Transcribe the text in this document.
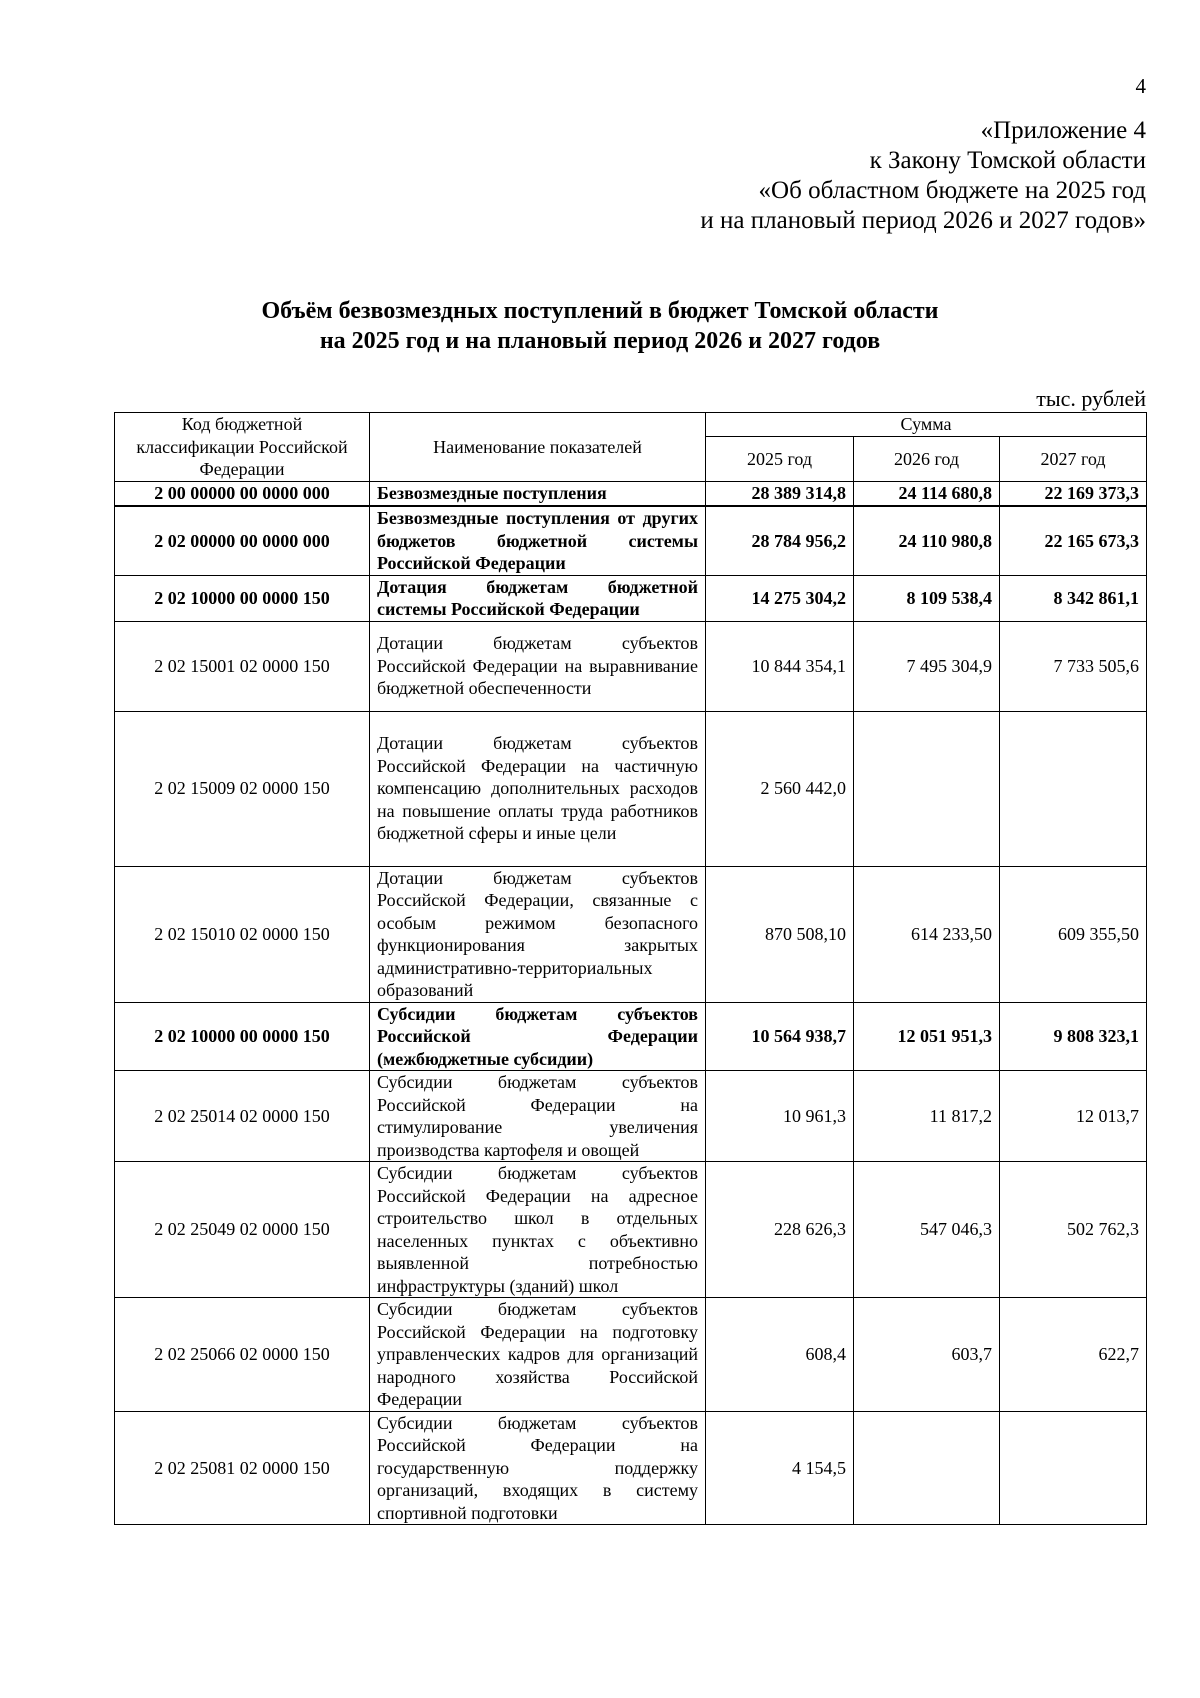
4
«Приложение 4
к Закону Томской области
«Об областном бюджете на 2025 год
и на плановый период 2026 и 2027 годов»
Объём безвозмездных поступлений в бюджет Томской области
на 2025 год и на плановый период 2026 и 2027 годов
тыс. рублей
Код бюджетной классификации Российской Федерации	Наименование показателей	Сумма		
		2025 год	2026 год	2027 год
2 00 00000 00 0000 000	Безвозмездные поступления	28 389 314,8	24 114 680,8	22 169 373,3
2 02 00000 00 0000 000	Безвозмездные поступления от других бюджетов бюджетной системы Российской Федерации	28 784 956,2	24 110 980,8	22 165 673,3
2 02 10000 00 0000 150	Дотация бюджетам бюджетной системы Российской Федерации	14 275 304,2	8 109 538,4	8 342 861,1
2 02 15001 02 0000 150	Дотации бюджетам субъектов Российской Федерации на выравнивание бюджетной обеспеченности	10 844 354,1	7 495 304,9	7 733 505,6
2 02 15009 02 0000 150	Дотации бюджетам субъектов Российской Федерации на частичную компенсацию дополнительных расходов на повышение оплаты труда работников бюджетной сферы и иные цели	2 560 442,0		
2 02 15010 02 0000 150	Дотации бюджетам субъектов Российской Федерации, связанные с особым режимом безопасного функционирования закрытых административно-территориальных образований	870 508,10	614 233,50	609 355,50
2 02 10000 00 0000 150	Субсидии бюджетам субъектов Российской Федерации (межбюджетные субсидии)	10 564 938,7	12 051 951,3	9 808 323,1
2 02 25014 02 0000 150	Субсидии бюджетам субъектов Российской Федерации на стимулирование увеличения производства картофеля и овощей	10 961,3	11 817,2	12 013,7
2 02 25049 02 0000 150	Субсидии бюджетам субъектов Российской Федерации на адресное строительство школ в отдельных населенных пунктах с объективно выявленной потребностью инфраструктуры (зданий) школ	228 626,3	547 046,3	502 762,3
2 02 25066 02 0000 150	Субсидии бюджетам субъектов Российской Федерации на подготовку управленческих кадров для организаций народного хозяйства Российской Федерации	608,4	603,7	622,7
2 02 25081 02 0000 150	Субсидии бюджетам субъектов Российской Федерации на государственную поддержку организаций, входящих в систему спортивной подготовки	4 154,5		
